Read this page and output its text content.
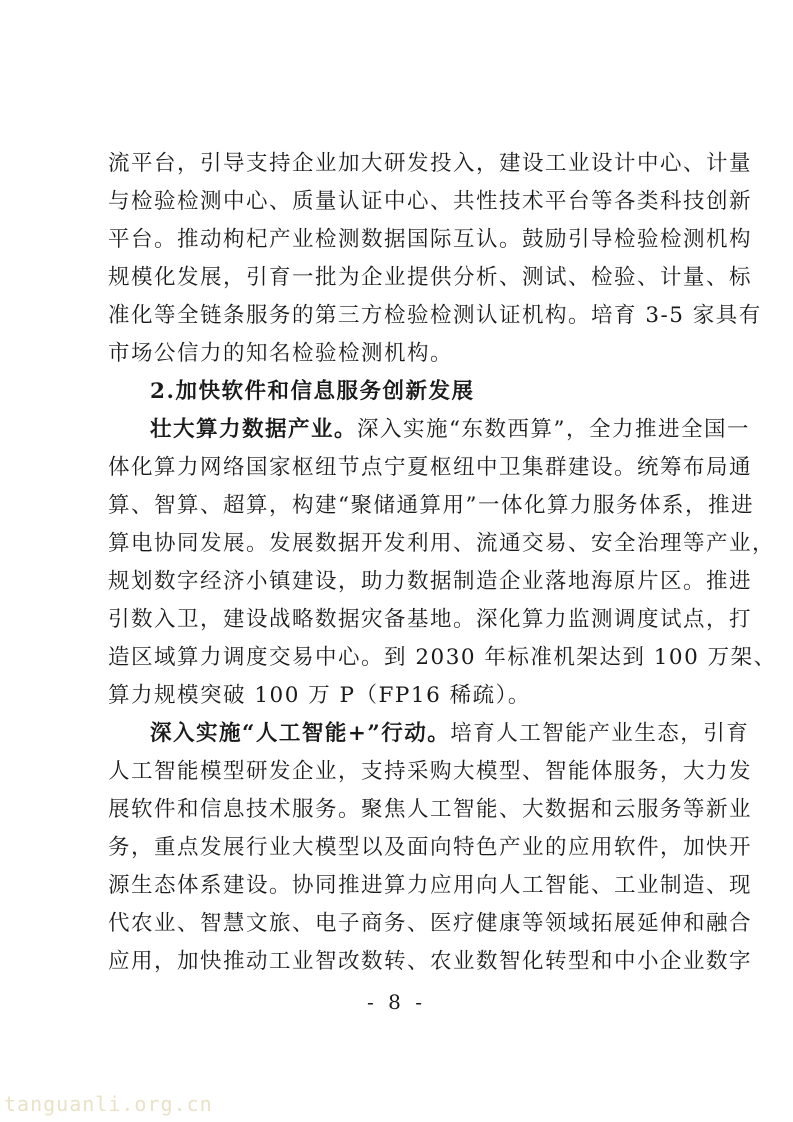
流平台，引导支持企业加大研发投入，建设工业设计中心、计量
与检验检测中心、质量认证中心、共性技术平台等各类科技创新
平台。推动枸杞产业检测数据国际互认。鼓励引导检验检测机构
规模化发展，引育一批为企业提供分析、测试、检验、计量、标
准化等全链条服务的第三方检验检测认证机构。培育 3-5 家具有
市场公信力的知名检验检测机构。
2.加快软件和信息服务创新发展
壮大算力数据产业。深入实施“东数西算”，全力推进全国一
体化算力网络国家枢纽节点宁夏枢纽中卫集群建设。统筹布局通
算、智算、超算，构建“聚储通算用”一体化算力服务体系，推进
算电协同发展。发展数据开发利用、流通交易、安全治理等产业，
规划数字经济小镇建设，助力数据制造企业落地海原片区。推进
引数入卫，建设战略数据灾备基地。深化算力监测调度试点，打
造区域算力调度交易中心。到 2030 年标准机架达到 100 万架、
算力规模突破 100 万 P（FP16 稀疏）。
深入实施“人工智能+”行动。培育人工智能产业生态，引育
人工智能模型研发企业，支持采购大模型、智能体服务，大力发
展软件和信息技术服务。聚焦人工智能、大数据和云服务等新业
务，重点发展行业大模型以及面向特色产业的应用软件，加快开
源生态体系建设。协同推进算力应用向人工智能、工业制造、现
代农业、智慧文旅、电子商务、医疗健康等领域拓展延伸和融合
应用，加快推动工业智改数转、农业数智化转型和中小企业数字
- 8 -
tanguanli.org.cn
